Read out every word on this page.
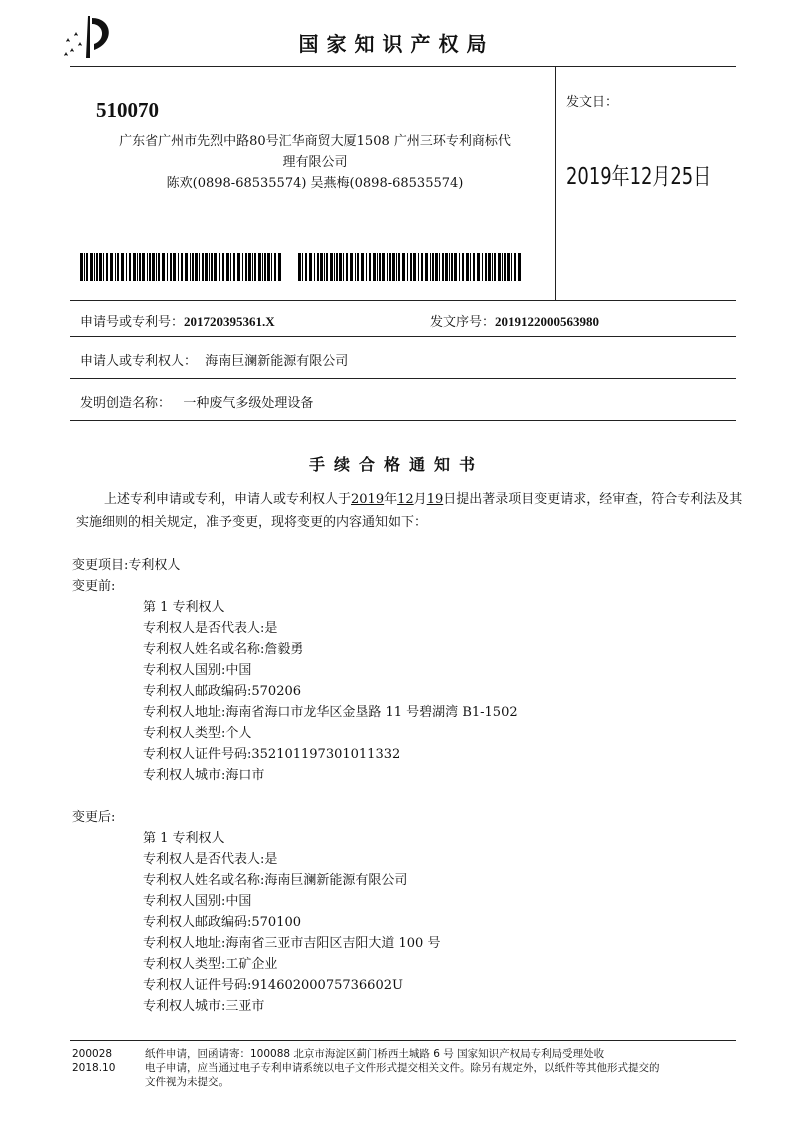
国家知识产权局
510070
广东省广州市先烈中路80号汇华商贸大厦1508 广州三环专利商标代
理有限公司
陈欢(0898-68535574) 吴燕梅(0898-68535574)
发文日：
2019年12月25日
申请号或专利号：201720395361.X	发文序号：2019122000563980
申请人或专利权人： 海南巨澜新能源有限公司
发明创造名称： 一种废气多级处理设备
手续合格通知书
上述专利申请或专利，申请人或专利权人于2019年12月19日提出著录项目变更请求，经审查，符合专利法及其实施细则的相关规定，准予变更，现将变更的内容通知如下：
变更项目:专利权人
变更前:
第 1 专利权人
专利权人是否代表人:是
专利权人姓名或名称:詹毅勇
专利权人国别:中国
专利权人邮政编码:570206
专利权人地址:海南省海口市龙华区金垦路 11 号碧湖湾 B1-1502
专利权人类型:个人
专利权人证件号码:352101197301011332
专利权人城市:海口市
变更后:
第 1 专利权人
专利权人是否代表人:是
专利权人姓名或名称:海南巨澜新能源有限公司
专利权人国别:中国
专利权人邮政编码:570100
专利权人地址:海南省三亚市吉阳区吉阳大道 100 号
专利权人类型:工矿企业
专利权人证件号码:91460200075736602U
专利权人城市:三亚市
200028
2018.10
纸件申请，回函请寄：100088 北京市海淀区蓟门桥西土城路 6 号 国家知识产权局专利局受理处收
电子申请，应当通过电子专利申请系统以电子文件形式提交相关文件。除另有规定外，以纸件等其他形式提交的
文件视为未提交。
